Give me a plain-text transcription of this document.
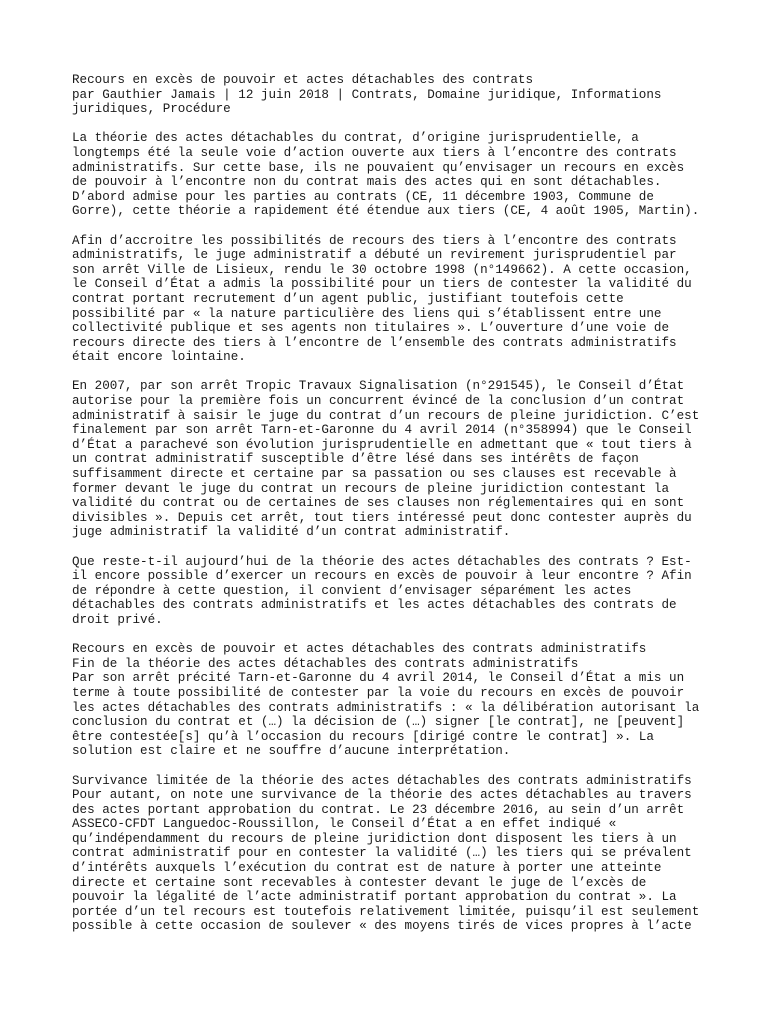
Recours en excès de pouvoir et actes détachables des contrats
par Gauthier Jamais | 12 juin 2018 | Contrats, Domaine juridique, Informations
juridiques, Procédure
La théorie des actes détachables du contrat, d’origine jurisprudentielle, a
longtemps été la seule voie d’action ouverte aux tiers à l’encontre des contrats
administratifs. Sur cette base, ils ne pouvaient qu’envisager un recours en excès
de pouvoir à l’encontre non du contrat mais des actes qui en sont détachables.
D’abord admise pour les parties au contrats (CE, 11 décembre 1903, Commune de
Gorre), cette théorie a rapidement été étendue aux tiers (CE, 4 août 1905, Martin).
Afin d’accroitre les possibilités de recours des tiers à l’encontre des contrats
administratifs, le juge administratif a débuté un revirement jurisprudentiel par
son arrêt Ville de Lisieux, rendu le 30 octobre 1998 (n°149662). A cette occasion,
le Conseil d’État a admis la possibilité pour un tiers de contester la validité du
contrat portant recrutement d’un agent public, justifiant toutefois cette
possibilité par « la nature particulière des liens qui s’établissent entre une
collectivité publique et ses agents non titulaires ». L’ouverture d’une voie de
recours directe des tiers à l’encontre de l’ensemble des contrats administratifs
était encore lointaine.
En 2007, par son arrêt Tropic Travaux Signalisation (n°291545), le Conseil d’État
autorise pour la première fois un concurrent évincé de la conclusion d’un contrat
administratif à saisir le juge du contrat d’un recours de pleine juridiction. C’est
finalement par son arrêt Tarn-et-Garonne du 4 avril 2014 (n°358994) que le Conseil
d’État a parachevé son évolution jurisprudentielle en admettant que « tout tiers à
un contrat administratif susceptible d’être lésé dans ses intérêts de façon
suffisamment directe et certaine par sa passation ou ses clauses est recevable à
former devant le juge du contrat un recours de pleine juridiction contestant la
validité du contrat ou de certaines de ses clauses non réglementaires qui en sont
divisibles ». Depuis cet arrêt, tout tiers intéressé peut donc contester auprès du
juge administratif la validité d’un contrat administratif.
Que reste-t-il aujourd’hui de la théorie des actes détachables des contrats ? Est-
il encore possible d’exercer un recours en excès de pouvoir à leur encontre ? Afin
de répondre à cette question, il convient d’envisager séparément les actes
détachables des contrats administratifs et les actes détachables des contrats de
droit privé.
Recours en excès de pouvoir et actes détachables des contrats administratifs
Fin de la théorie des actes détachables des contrats administratifs
Par son arrêt précité Tarn-et-Garonne du 4 avril 2014, le Conseil d’État a mis un
terme à toute possibilité de contester par la voie du recours en excès de pouvoir
les actes détachables des contrats administratifs : « la délibération autorisant la
conclusion du contrat et (…) la décision de (…) signer [le contrat], ne [peuvent]
être contestée[s] qu’à l’occasion du recours [dirigé contre le contrat] ». La
solution est claire et ne souffre d’aucune interprétation.
Survivance limitée de la théorie des actes détachables des contrats administratifs
Pour autant, on note une survivance de la théorie des actes détachables au travers
des actes portant approbation du contrat. Le 23 décembre 2016, au sein d’un arrêt
ASSECO-CFDT Languedoc-Roussillon, le Conseil d’État a en effet indiqué «
qu’indépendamment du recours de pleine juridiction dont disposent les tiers à un
contrat administratif pour en contester la validité (…) les tiers qui se prévalent
d’intérêts auxquels l’exécution du contrat est de nature à porter une atteinte
directe et certaine sont recevables à contester devant le juge de l’excès de
pouvoir la légalité de l’acte administratif portant approbation du contrat ». La
portée d’un tel recours est toutefois relativement limitée, puisqu’il est seulement
possible à cette occasion de soulever « des moyens tirés de vices propres à l’acte
